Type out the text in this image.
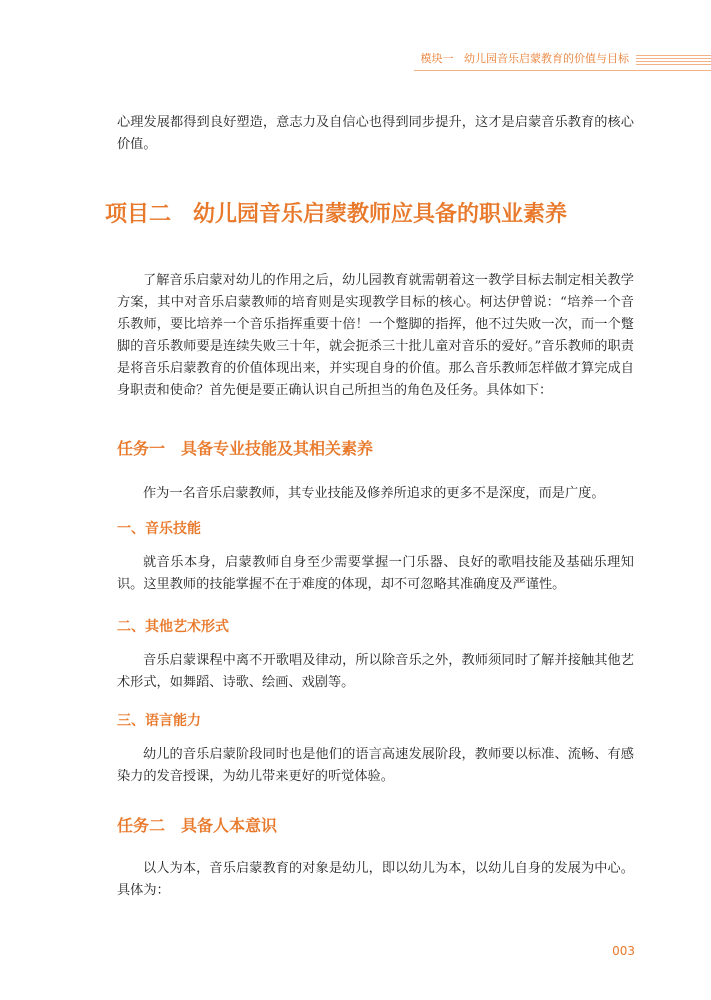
模块一 幼儿园音乐启蒙教育的价值与目标

心理发展都得到良好塑造，意志力及自信心也得到同步提升，这才是启蒙音乐教育的核心价值。

项目二　幼儿园音乐启蒙教师应具备的职业素养

了解音乐启蒙对幼儿的作用之后，幼儿园教育就需朝着这一教学目标去制定相关教学方案，其中对音乐启蒙教师的培育则是实现教学目标的核心。柯达伊曾说：“培养一个音乐教师，要比培养一个音乐指挥重要十倍！一个蹩脚的指挥，他不过失败一次，而一个蹩脚的音乐教师要是连续失败三十年，就会扼杀三十批儿童对音乐的爱好。”音乐教师的职责是将音乐启蒙教育的价值体现出来，并实现自身的价值。那么音乐教师怎样做才算完成自身职责和使命？首先便是要正确认识自己所担当的角色及任务。具体如下：

任务一　具备专业技能及其相关素养

作为一名音乐启蒙教师，其专业技能及修养所追求的更多不是深度，而是广度。

一、音乐技能

就音乐本身，启蒙教师自身至少需要掌握一门乐器、良好的歌唱技能及基础乐理知识。这里教师的技能掌握不在于难度的体现，却不可忽略其准确度及严谨性。

二、其他艺术形式

音乐启蒙课程中离不开歌唱及律动，所以除音乐之外，教师须同时了解并接触其他艺术形式，如舞蹈、诗歌、绘画、戏剧等。

三、语言能力

幼儿的音乐启蒙阶段同时也是他们的语言高速发展阶段，教师要以标准、流畅、有感染力的发音授课，为幼儿带来更好的听觉体验。

任务二　具备人本意识

以人为本，音乐启蒙教育的对象是幼儿，即以幼儿为本，以幼儿自身的发展为中心。具体为：

003
